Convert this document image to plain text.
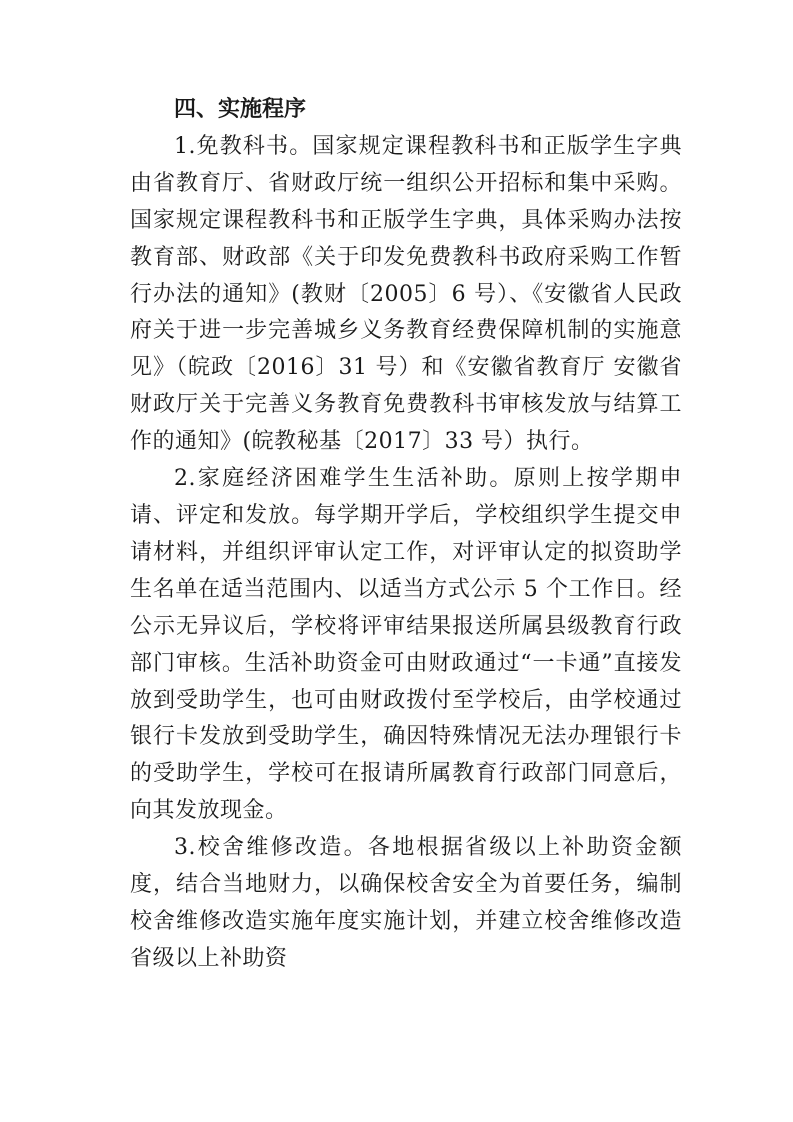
四、实施程序

1.免教科书。国家规定课程教科书和正版学生字典由省教育厅、省财政厅统一组织公开招标和集中采购。国家规定课程教科书和正版学生字典，具体采购办法按教育部、财政部《关于印发免费教科书政府采购工作暂行办法的通知》(教财〔2005〕6 号）、《安徽省人民政府关于进一步完善城乡义务教育经费保障机制的实施意见》（皖政〔2016〕31 号）和《安徽省教育厅 安徽省财政厅关于完善义务教育免费教科书审核发放与结算工作的通知》(皖教秘基〔2017〕33 号）执行。

2.家庭经济困难学生生活补助。原则上按学期申请、评定和发放。每学期开学后，学校组织学生提交申请材料，并组织评审认定工作，对评审认定的拟资助学生名单在适当范围内、以适当方式公示 5 个工作日。经公示无异议后，学校将评审结果报送所属县级教育行政部门审核。生活补助资金可由财政通过“一卡通”直接发放到受助学生，也可由财政拨付至学校后，由学校通过银行卡发放到受助学生，确因特殊情况无法办理银行卡的受助学生，学校可在报请所属教育行政部门同意后，向其发放现金。

3.校舍维修改造。各地根据省级以上补助资金额度，结合当地财力，以确保校舍安全为首要任务，编制校舍维修改造实施年度实施计划，并建立校舍维修改造省级以上补助资
